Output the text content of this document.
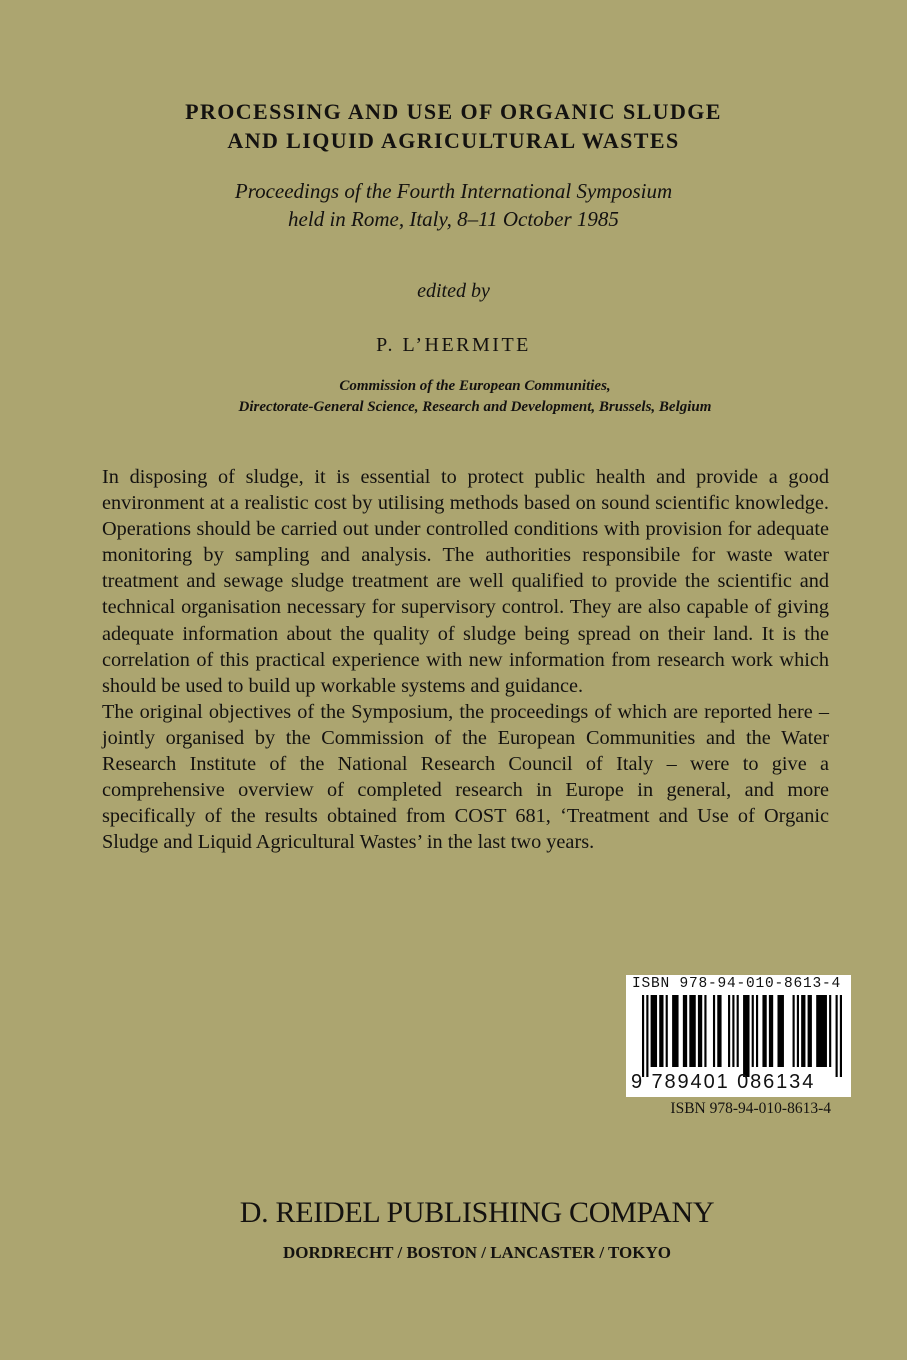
PROCESSING AND USE OF ORGANIC SLUDGE
AND LIQUID AGRICULTURAL WASTES
Proceedings of the Fourth International Symposium
held in Rome, Italy, 8–11 October 1985
edited by
P. L’HERMITE
Commission of the European Communities,
Directorate-General Science, Research and Development, Brussels, Belgium

In disposing of sludge, it is essential to protect public health and provide a good environment at a realistic cost by utilising methods based on sound scientific knowledge. Operations should be carried out under controlled conditions with provision for adequate monitoring by sampling and analysis. The authorities responsibile for waste water treatment and sewage sludge treatment are well qualified to provide the scientific and technical organisation necessary for supervisory control. They are also capable of giving adequate information about the quality of sludge being spread on their land. It is the correlation of this practical experience with new information from research work which should be used to build up workable systems and guidance.

The original objectives of the Symposium, the proceedings of which are reported here – jointly organised by the Commission of the European Communities and the Water Research Institute of the National Research Council of Italy – were to give a comprehensive overview of completed research in Europe in general, and more specifically of the results obtained from COST 681, ‘Treatment and Use of Organic Sludge and Liquid Agricultural Wastes’ in the last two years.

ISBN 978-94-010-8613-4
9 789401 086134
ISBN 978-94-010-8613-4
D. REIDEL PUBLISHING COMPANY
DORDRECHT / BOSTON / LANCASTER / TOKYO
